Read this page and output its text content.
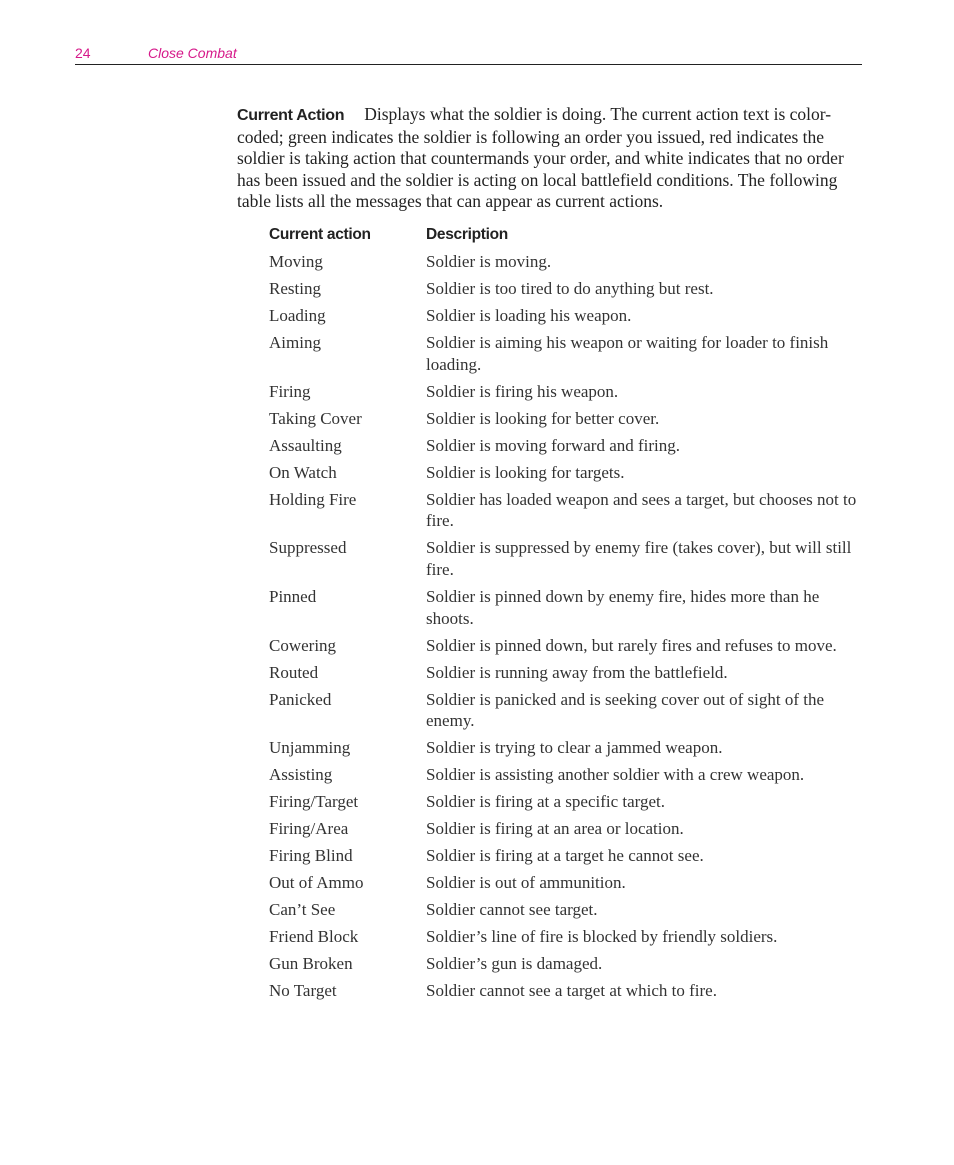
24	Close Combat

Current Action Displays what the soldier is doing. The current action text is color-coded; green indicates the soldier is following an order you issued, red indicates the soldier is taking action that countermands your order, and white indicates that no order has been issued and the soldier is acting on local battlefield conditions. The following table lists all the messages that can appear as current actions.

Current action	Description
Moving	Soldier is moving.
Resting	Soldier is too tired to do anything but rest.
Loading	Soldier is loading his weapon.
Aiming	Soldier is aiming his weapon or waiting for loader to finish loading.
Firing	Soldier is firing his weapon.
Taking Cover	Soldier is looking for better cover.
Assaulting	Soldier is moving forward and firing.
On Watch	Soldier is looking for targets.
Holding Fire	Soldier has loaded weapon and sees a target, but chooses not to fire.
Suppressed	Soldier is suppressed by enemy fire (takes cover), but will still fire.
Pinned	Soldier is pinned down by enemy fire, hides more than he shoots.
Cowering	Soldier is pinned down, but rarely fires and refuses to move.
Routed	Soldier is running away from the battlefield.
Panicked	Soldier is panicked and is seeking cover out of sight of the enemy.
Unjamming	Soldier is trying to clear a jammed weapon.
Assisting	Soldier is assisting another soldier with a crew weapon.
Firing/Target	Soldier is firing at a specific target.
Firing/Area	Soldier is firing at an area or location.
Firing Blind	Soldier is firing at a target he cannot see.
Out of Ammo	Soldier is out of ammunition.
Can’t See	Soldier cannot see target.
Friend Block	Soldier’s line of fire is blocked by friendly soldiers.
Gun Broken	Soldier’s gun is damaged.
No Target	Soldier cannot see a target at which to fire.
